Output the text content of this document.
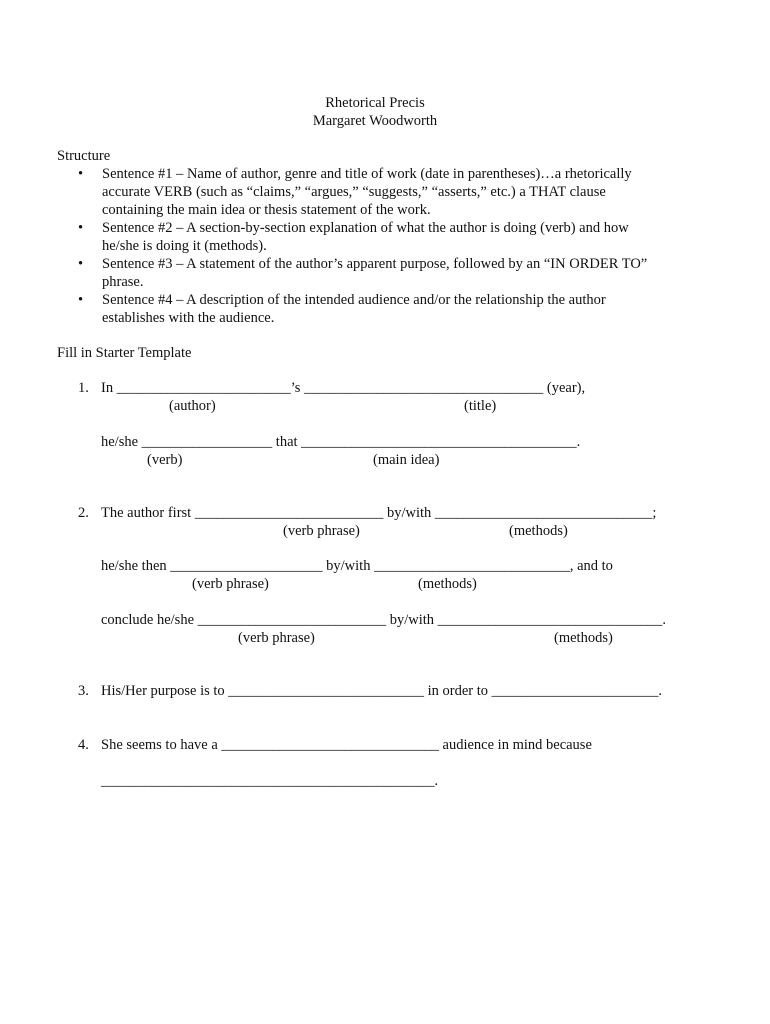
Rhetorical Precis
Margaret Woodworth
Structure
• Sentence #1 – Name of author, genre and title of work (date in parentheses)…a rhetorically
accurate VERB (such as “claims,” “argues,” “suggests,” “asserts,” etc.) a THAT clause
containing the main idea or thesis statement of the work.
• Sentence #2 – A section-by-section explanation of what the author is doing (verb) and how
he/she is doing it (methods).
• Sentence #3 – A statement of the author’s apparent purpose, followed by an “IN ORDER TO”
phrase.
• Sentence #4 – A description of the intended audience and/or the relationship the author
establishes with the audience.
Fill in Starter Template
1. In ________________________’s _________________________________ (year),
(author)	(title)
he/she __________________ that ______________________________________.
(verb)	(main idea)
2. The author first __________________________ by/with ______________________________;
(verb phrase)	(methods)
he/she then _____________________ by/with ___________________________, and to
(verb phrase)	(methods)
conclude he/she __________________________ by/with _______________________________.
(verb phrase)	(methods)
3. His/Her purpose is to ___________________________ in order to _______________________.
4. She seems to have a ______________________________ audience in mind because
______________________________________________.
